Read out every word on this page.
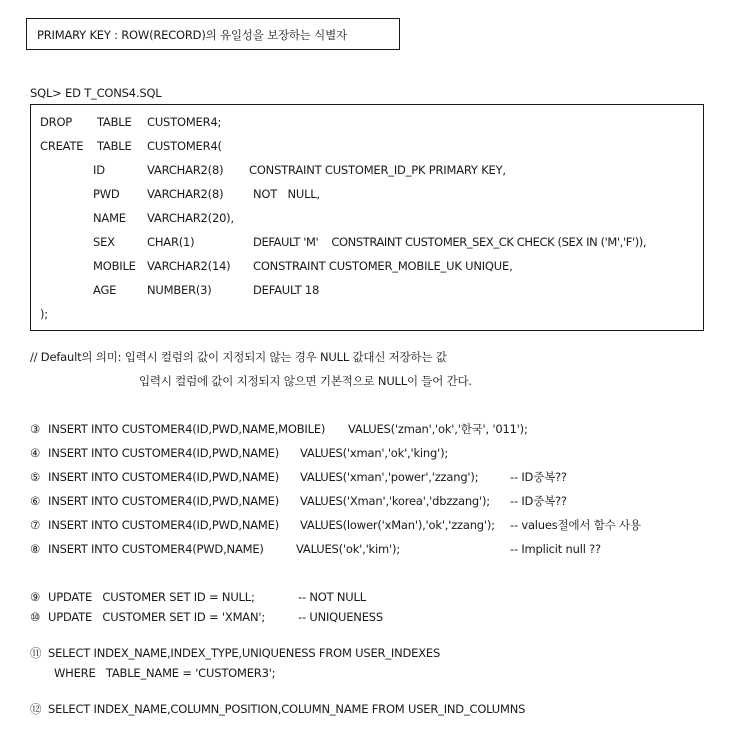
PRIMARY KEY : ROW(RECORD)의 유일성을 보장하는 식별자
SQL> ED T_CONS4.SQL
DROP TABLE CUSTOMER4;
CREATE TABLE CUSTOMER4(
ID	VARCHAR2(8) CONSTRAINT CUSTOMER_ID_PK PRIMARY KEY,
PWD VARCHAR2(8)	NOT   NULL,
NAME VARCHAR2(20),
SEX	CHAR(1)	DEFAULT 'M'    CONSTRAINT CUSTOMER_SEX_CK CHECK (SEX IN ('M','F')),
MOBILE VARCHAR2(14) CONSTRAINT CUSTOMER_MOBILE_UK UNIQUE,
AGE	NUMBER(3)	DEFAULT 18
);
// Default의 의미: 입력시 컬럼의 값이 지정되지 않는 경우 NULL 값대신 저장하는 값
입력시 컬럼에 값이 지정되지 않으면 기본적으로 NULL이 들어 간다.
③ INSERT INTO CUSTOMER4(ID,PWD,NAME,MOBILE) VALUES('zman','ok','한국', '011');
④ INSERT INTO CUSTOMER4(ID,PWD,NAME) VALUES('xman','ok','king');
⑤ INSERT INTO CUSTOMER4(ID,PWD,NAME) VALUES('xman','power','zzang');	-- ID중복??
⑥ INSERT INTO CUSTOMER4(ID,PWD,NAME) VALUES('Xman','korea','dbzzang'); -- ID중복??
⑦ INSERT INTO CUSTOMER4(ID,PWD,NAME) VALUES(lower('xMan'),'ok','zzang'); -- values절에서 함수 사용
⑧ INSERT INTO CUSTOMER4(PWD,NAME)	VALUES('ok','kim');	-- Implicit null ??
⑨ UPDATE   CUSTOMER SET ID = NULL;	-- NOT NULL
⑩ UPDATE   CUSTOMER SET ID = 'XMAN';	-- UNIQUENESS
⑪ SELECT INDEX_NAME,INDEX_TYPE,UNIQUENESS FROM USER_INDEXES
WHERE   TABLE_NAME = 'CUSTOMER3';
⑫ SELECT INDEX_NAME,COLUMN_POSITION,COLUMN_NAME FROM USER_IND_COLUMNS
